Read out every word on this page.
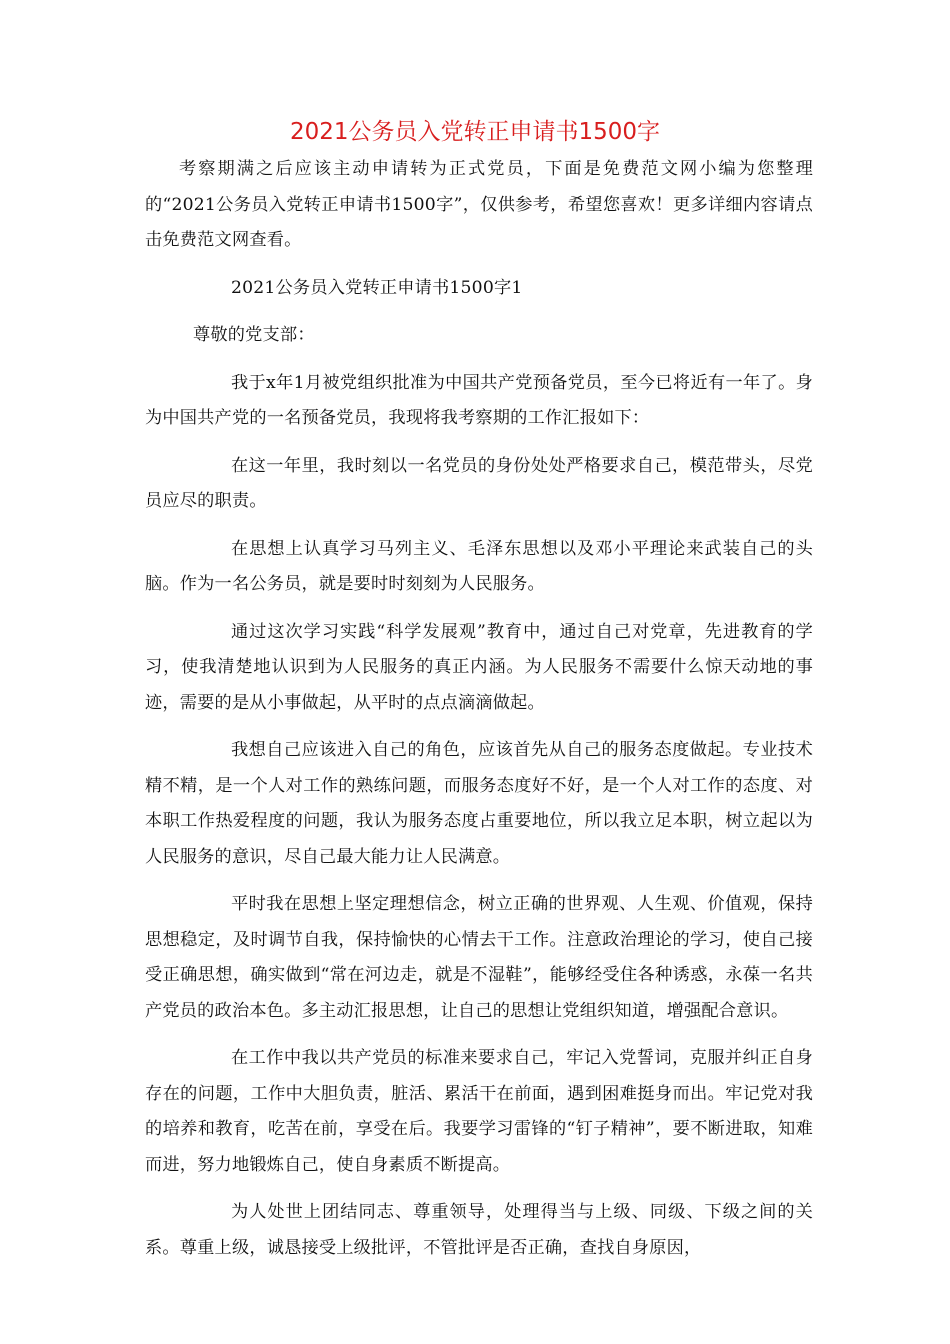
2021公务员入党转正申请书1500字

考察期满之后应该主动申请转为正式党员，下面是免费范文网小编为您整理的“2021公务员入党转正申请书1500字”，仅供参考，希望您喜欢！更多详细内容请点击免费范文网查看。

2021公务员入党转正申请书1500字1

尊敬的党支部：

我于x年1月被党组织批准为中国共产党预备党员，至今已将近有一年了。身为中国共产党的一名预备党员，我现将我考察期的工作汇报如下：

在这一年里，我时刻以一名党员的身份处处严格要求自己，模范带头，尽党员应尽的职责。

在思想上认真学习马列主义、毛泽东思想以及邓小平理论来武装自己的头脑。作为一名公务员，就是要时时刻刻为人民服务。

通过这次学习实践“科学发展观”教育中，通过自己对党章，先进教育的学习，使我清楚地认识到为人民服务的真正内涵。为人民服务不需要什么惊天动地的事迹，需要的是从小事做起，从平时的点点滴滴做起。

我想自己应该进入自己的角色，应该首先从自己的服务态度做起。专业技术精不精，是一个人对工作的熟练问题，而服务态度好不好，是一个人对工作的态度、对本职工作热爱程度的问题，我认为服务态度占重要地位，所以我立足本职，树立起以为人民服务的意识，尽自己最大能力让人民满意。

平时我在思想上坚定理想信念，树立正确的世界观、人生观、价值观，保持思想稳定，及时调节自我，保持愉快的心情去干工作。注意政治理论的学习，使自己接受正确思想，确实做到“常在河边走，就是不湿鞋”，能够经受住各种诱惑，永葆一名共产党员的政治本色。多主动汇报思想，让自己的思想让党组织知道，增强配合意识。

在工作中我以共产党员的标准来要求自己，牢记入党誓词，克服并纠正自身存在的问题，工作中大胆负责，脏活、累活干在前面，遇到困难挺身而出。牢记党对我的培养和教育，吃苦在前，享受在后。我要学习雷锋的“钉子精神”，要不断进取，知难而进，努力地锻炼自己，使自身素质不断提高。

为人处世上团结同志、尊重领导，处理得当与上级、同级、下级之间的关系。尊重上级，诚恳接受上级批评，不管批评是否正确，查找自身原因，
